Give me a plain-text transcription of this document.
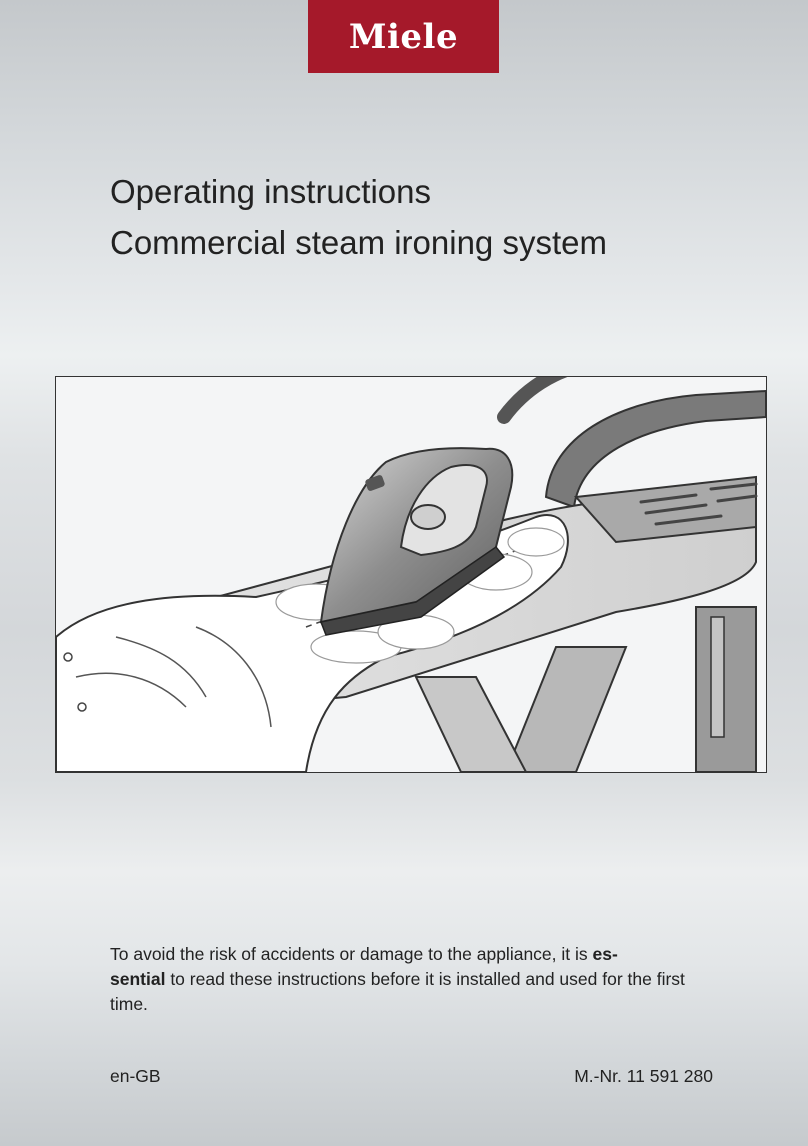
Miele
Operating instructions
Commercial steam ironing system

To avoid the risk of accidents or damage to the appliance, it is es-
sential to read these instructions before it is installed and used for the first time.

en-GB	M.-Nr. 11 591 280
